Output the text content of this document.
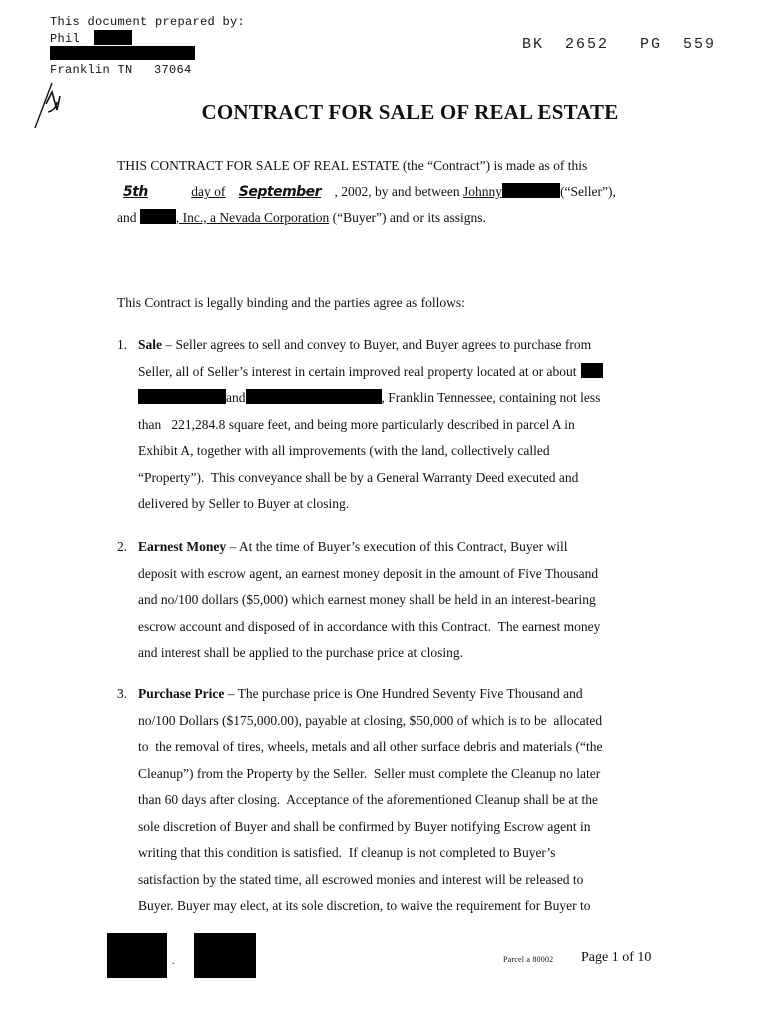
This document prepared by:
Phil
Franklin TN 37064
BK 2652 PG 559
CONTRACT FOR SALE OF REAL ESTATE
THIS CONTRACT FOR SALE OF REAL ESTATE (the “Contract”) is made as of this
5th	day of September , 2002, by and between Johnny	(“Seller”),
and	, Inc., a Nevada Corporation (“Buyer”) and or its assigns.
This Contract is legally binding and the parties agree as follows:
1. Sale – Seller agrees to sell and convey to Buyer, and Buyer agrees to purchase from
Seller, all of Seller’s interest in certain improved real property located at or about
and	, Franklin Tennessee, containing not less
than   221,284.8 square feet, and being more particularly described in parcel A in
Exhibit A, together with all improvements (with the land, collectively called
“Property”).  This conveyance shall be by a General Warranty Deed executed and
delivered by Seller to Buyer at closing.
2. Earnest Money – At the time of Buyer’s execution of this Contract, Buyer will
deposit with escrow agent, an earnest money deposit in the amount of Five Thousand
and no/100 dollars ($5,000) which earnest money shall be held in an interest-bearing
escrow account and disposed of in accordance with this Contract.  The earnest money
and interest shall be applied to the purchase price at closing.
3. Purchase Price – The purchase price is One Hundred Seventy Five Thousand and
no/100 Dollars ($175,000.00), payable at closing, $50,000 of which is to be  allocated
to  the removal of tires, wheels, metals and all other surface debris and materials (“the
Cleanup”) from the Property by the Seller.  Seller must complete the Cleanup no later
than 60 days after closing.  Acceptance of the aforementioned Cleanup shall be at the
sole discretion of Buyer and shall be confirmed by Buyer notifying Escrow agent in
writing that this condition is satisfied.  If cleanup is not completed to Buyer’s
satisfaction by the stated time, all escrowed monies and interest will be released to
Buyer. Buyer may elect, at its sole discretion, to waive the requirement for Buyer to
.	Parcel a 80002 Page 1 of 10
